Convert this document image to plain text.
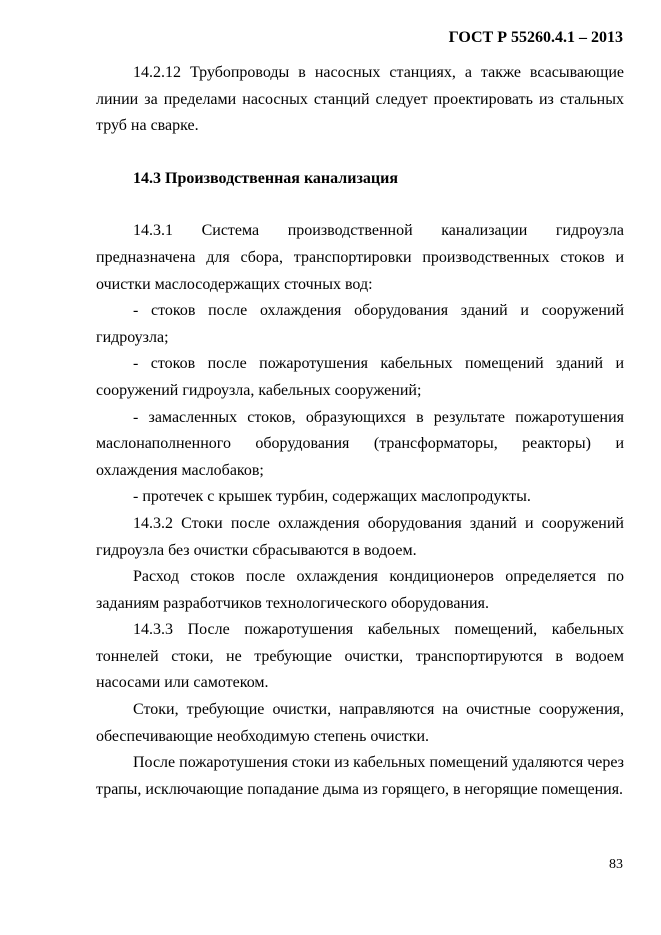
ГОСТ Р 55260.4.1 – 2013

14.2.12 Трубопроводы в насосных станциях, а также всасывающие линии за пределами насосных станций следует проектировать из стальных труб на сварке.

14.3 Производственная канализация

14.3.1 Система производственной канализации гидроузла предназначена для сбора, транспортировки производственных стоков и очистки маслосодержащих сточных вод:

- стоков после охлаждения оборудования зданий и сооружений гидроузла;

- стоков после пожаротушения кабельных помещений зданий и сооружений гидроузла, кабельных сооружений;

- замасленных стоков, образующихся в результате пожаротушения маслонаполненного оборудования (трансформаторы, реакторы) и охлаждения маслобаков;

- протечек с крышек турбин, содержащих маслопродукты.

14.3.2 Стоки после охлаждения оборудования зданий и сооружений гидроузла без очистки сбрасываются в водоем.

Расход стоков после охлаждения кондиционеров определяется по заданиям разработчиков технологического оборудования.

14.3.3 После пожаротушения кабельных помещений, кабельных тоннелей стоки, не требующие очистки, транспортируются в водоем насосами или самотеком.

Стоки, требующие очистки, направляются на очистные сооружения, обеспечивающие необходимую степень очистки.

После пожаротушения стоки из кабельных помещений удаляются через трапы, исключающие попадание дыма из горящего, в негорящие помещения.

83
